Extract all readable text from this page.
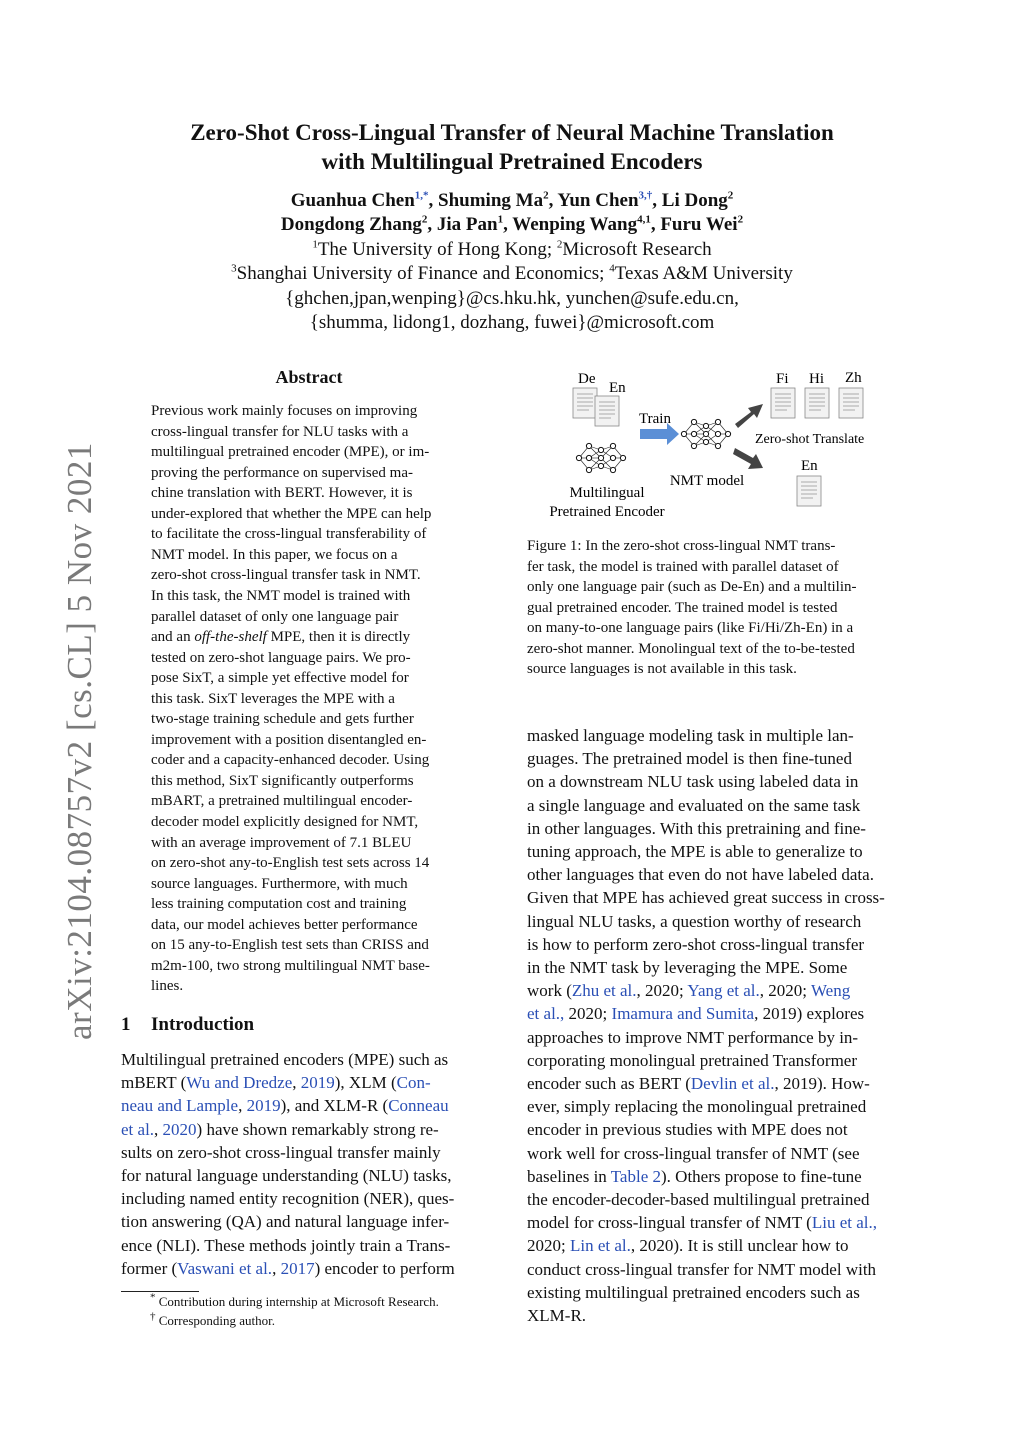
arXiv:2104.08757v2 [cs.CL] 5 Nov 2021
Zero-Shot Cross-Lingual Transfer of Neural Machine Translation
with Multilingual Pretrained Encoders
Guanhua Chen$^{1,*}$, Shuming Ma$^2$, Yun Chen$^{3,\dagger}$, Li Dong$^2$
Dongdong Zhang$^2$, Jia Pan$^1$, Wenping Wang$^{4,1}$, Furu Wei$^2$
$^1$The University of Hong Kong; $^2$Microsoft Research
$^3$Shanghai University of Finance and Economics; $^4$Texas A&M University
{ghchen,jpan,wenping}@cs.hku.hk, yunchen@sufe.edu.cn,
{shumma, lidong1, dozhang, fuwei}@microsoft.com
Abstract
Previous work mainly focuses on improving
cross-lingual transfer for NLU tasks with a
multilingual pretrained encoder (MPE), or im-
proving the performance on supervised ma-
chine translation with BERT. However, it is
under-explored that whether the MPE can help
to facilitate the cross-lingual transferability of
NMT model. In this paper, we focus on a
zero-shot cross-lingual transfer task in NMT.
In this task, the NMT model is trained with
parallel dataset of only one language pair
and an off-the-shelf MPE, then it is directly
tested on zero-shot language pairs. We pro-
pose SixT, a simple yet effective model for
this task. SixT leverages the MPE with a
two-stage training schedule and gets further
improvement with a position disentangled en-
coder and a capacity-enhanced decoder. Using
this method, SixT significantly outperforms
mBART, a pretrained multilingual encoder-
decoder model explicitly designed for NMT,
with an average improvement of 7.1 BLEU
on zero-shot any-to-English test sets across 14
source languages. Furthermore, with much
less training computation cost and training
data, our model achieves better performance
on 15 any-to-English test sets than CRISS and
m2m-100, two strong multilingual NMT base-
lines.
1 Introduction
Multilingual pretrained encoders (MPE) such as
mBERT (Wu and Dredze, 2019), XLM (Con-
neau and Lample, 2019), and XLM-R (Conneau
et al., 2020) have shown remarkably strong re-
sults on zero-shot cross-lingual transfer mainly
for natural language understanding (NLU) tasks,
including named entity recognition (NER), ques-
tion answering (QA) and natural language infer-
ence (NLI). These methods jointly train a Trans-
former (Vaswani et al., 2017) encoder to perform
* Contribution during internship at Microsoft Research.
† Corresponding author.
De
En
Multilingual
Pretrained Encoder
Train
NMT model
Fi Hi Zh
Zero-shot Translate
En
Figure 1: In the zero-shot cross-lingual NMT trans-
fer task, the model is trained with parallel dataset of
only one language pair (such as De-En) and a multilin-
gual pretrained encoder. The trained model is tested
on many-to-one language pairs (like Fi/Hi/Zh-En) in a
zero-shot manner. Monolingual text of the to-be-tested
source languages is not available in this task.
masked language modeling task in multiple lan-
guages. The pretrained model is then fine-tuned
on a downstream NLU task using labeled data in
a single language and evaluated on the same task
in other languages. With this pretraining and fine-
tuning approach, the MPE is able to generalize to
other languages that even do not have labeled data.
Given that MPE has achieved great success in cross-
lingual NLU tasks, a question worthy of research
is how to perform zero-shot cross-lingual transfer
in the NMT task by leveraging the MPE. Some
work (Zhu et al., 2020; Yang et al., 2020; Weng
et al., 2020; Imamura and Sumita, 2019) explores
approaches to improve NMT performance by in-
corporating monolingual pretrained Transformer
encoder such as BERT (Devlin et al., 2019). How-
ever, simply replacing the monolingual pretrained
encoder in previous studies with MPE does not
work well for cross-lingual transfer of NMT (see
baselines in Table 2). Others propose to fine-tune
the encoder-decoder-based multilingual pretrained
model for cross-lingual transfer of NMT (Liu et al.,
2020; Lin et al., 2020). It is still unclear how to
conduct cross-lingual transfer for NMT model with
existing multilingual pretrained encoders such as
XLM-R.
